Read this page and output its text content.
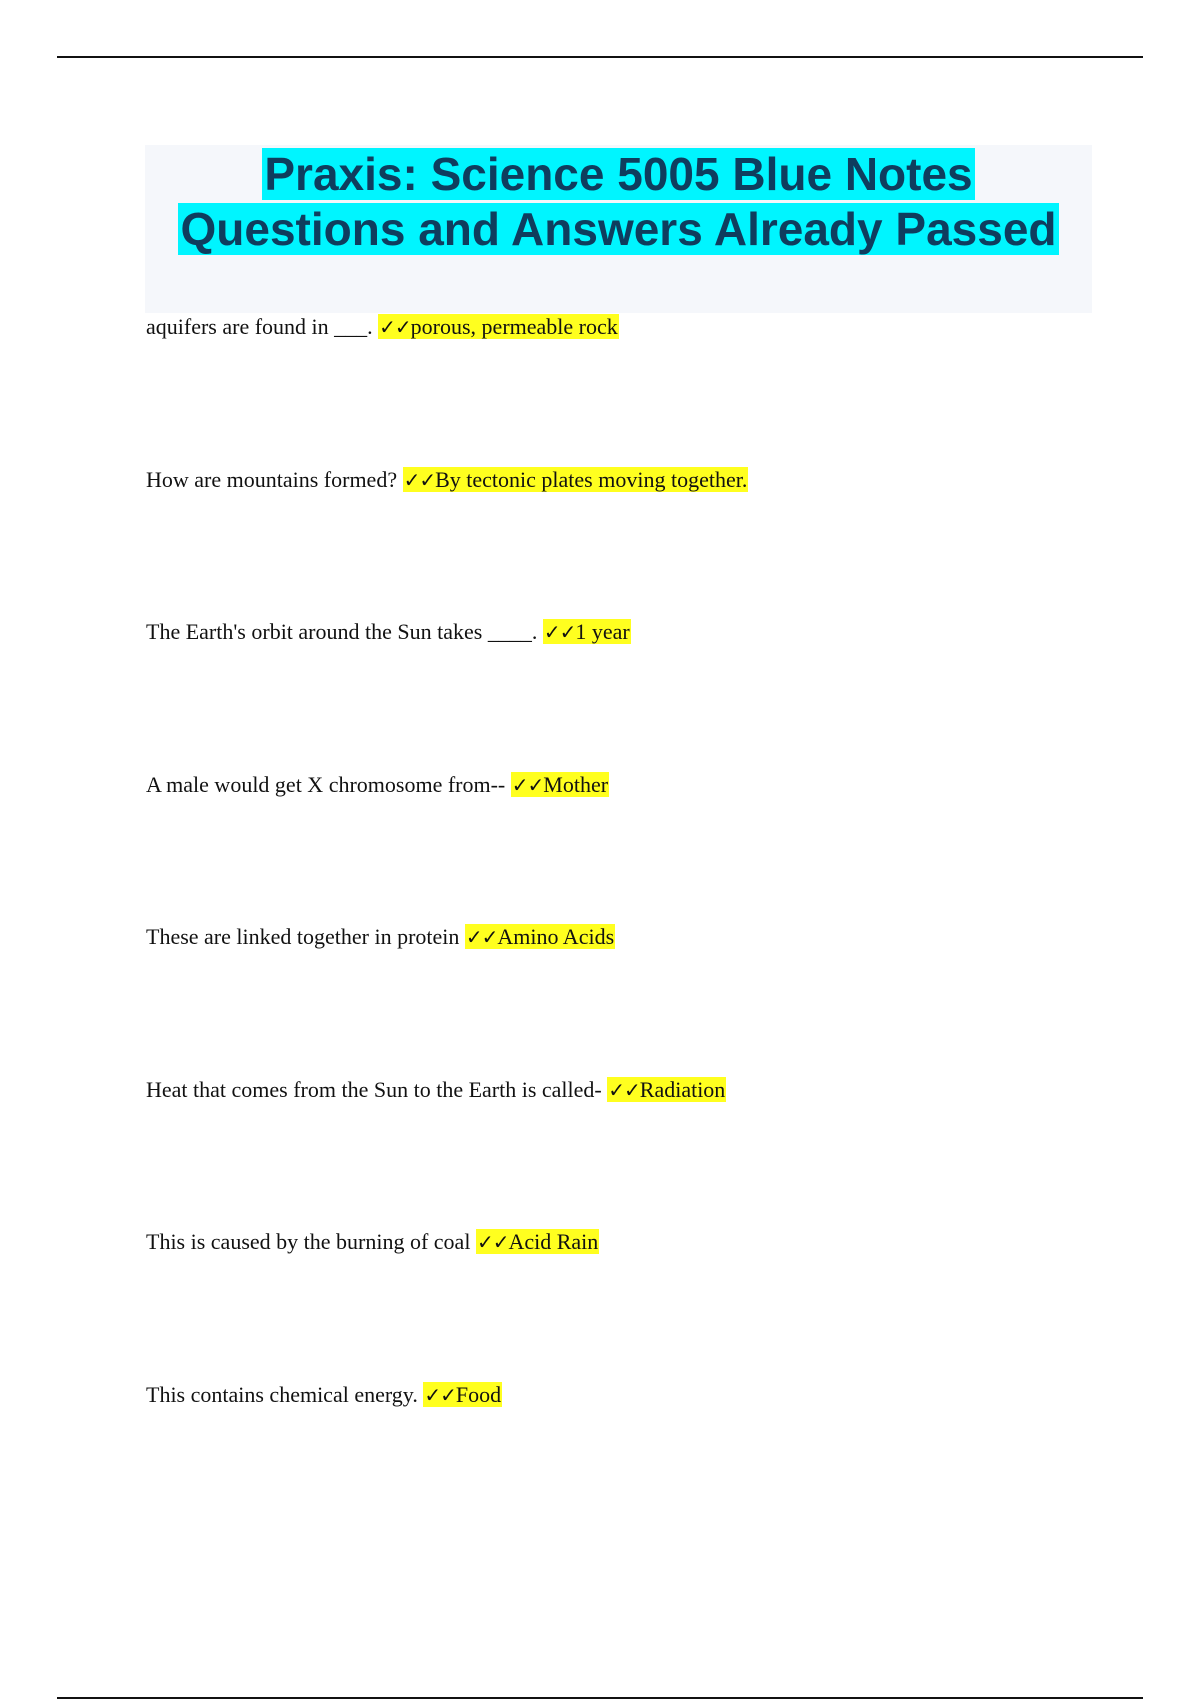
Praxis: Science 5005 Blue Notes
Questions and Answers Already Passed
aquifers are found in ___. ✓✓porous, permeable rock
How are mountains formed? ✓✓By tectonic plates moving together.
The Earth's orbit around the Sun takes ____. ✓✓1 year
A male would get X chromosome from-- ✓✓Mother
These are linked together in protein ✓✓Amino Acids
Heat that comes from the Sun to the Earth is called- ✓✓Radiation
This is caused by the burning of coal ✓✓Acid Rain
This contains chemical energy. ✓✓Food
